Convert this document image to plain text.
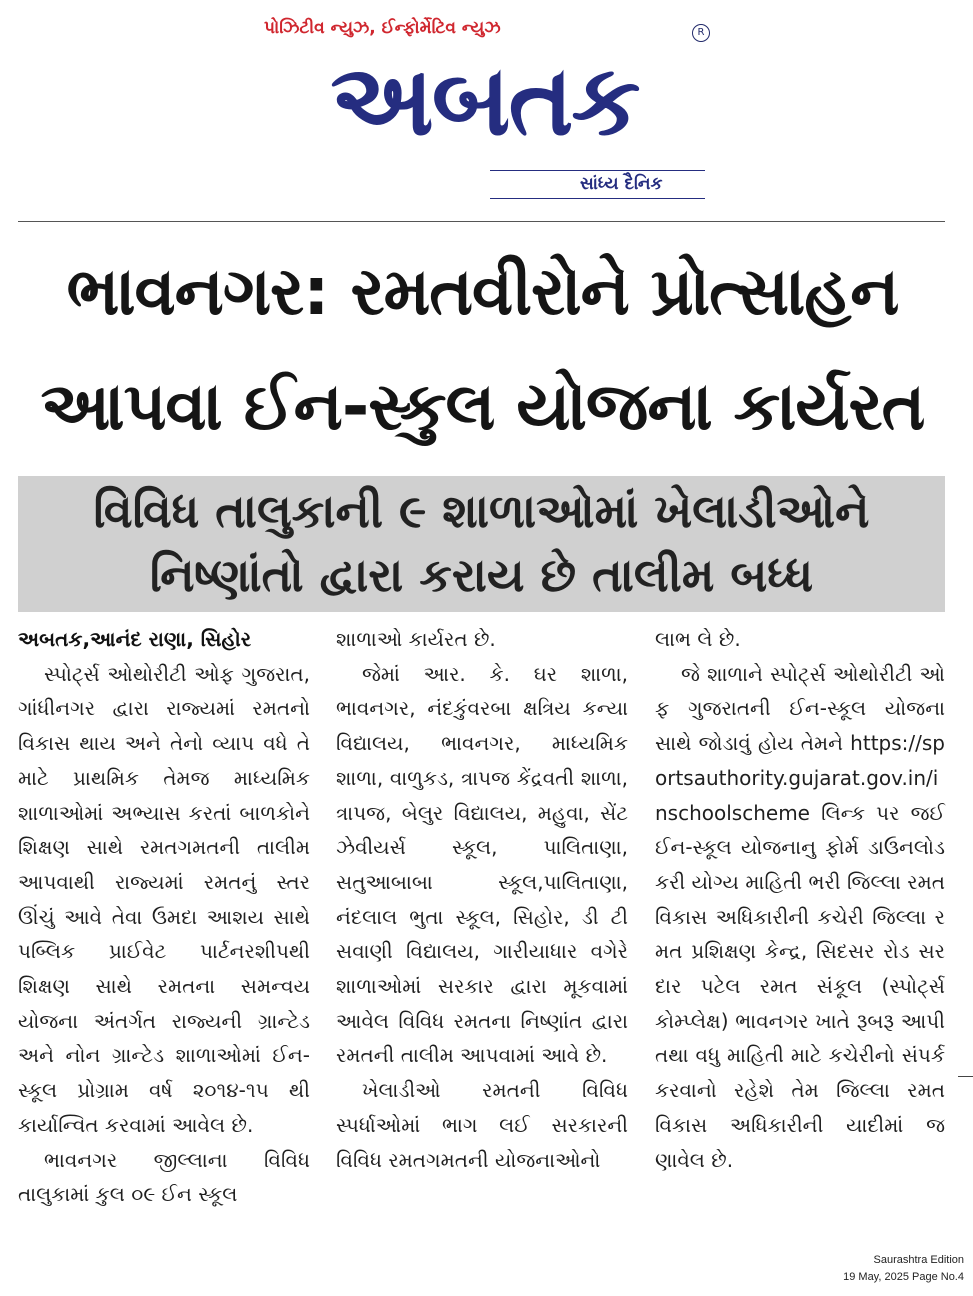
પોઝિટીવ ન્યુઝ, ઈન્ફોર્મેટિવ ન્યુઝ	R
અબતક
સાંધ્ય દૈનિક
ભાવનગર: રમતવીરોને પ્રોત્સાહન
આપવા ઈન-સ્કુલ યોજના કાર્યરત
વિવિધ તાલુકાની ૯ શાળાઓમાં ખેલાડીઓને
નિષ્ણાંતો દ્વારા કરાય છે તાલીમ બધ્ધ

અબતક,આનંદ રાણા, સિહોર

સ્પોર્ટ્સ ઓથોરીટી ઓફ ગુજરાત, ગાંધીનગર દ્વારા રાજ્યમાં રમતનો વિકાસ થાય અને તેનો વ્યાપ વધે તે માટે પ્રાથમિક તેમજ માધ્યમિક શાળાઓમાં અભ્યાસ કરતાં બાળકોને શિક્ષણ સાથે રમતગમતની તાલીમ આપવાથી રાજ્યમાં રમતનું સ્તર ઊંચું આવે તેવા ઉમદા આશય સાથે પબ્લિક પ્રાઈવેટ પાર્ટનરશીપથી શિક્ષણ સાથે રમતના સમન્વય યોજના અંતર્ગત રાજ્યની ગ્રાન્ટેડ અને નોન ગ્રાન્ટેડ શાળાઓમાં ઈન-સ્કૂલ પ્રોગ્રામ વર્ષ ૨૦૧૪-૧૫ થી કાર્યાન્વિત કરવામાં આવેલ છે.

ભાવનગર જીલ્લાના વિવિધ તાલુકામાં કુલ ૦૯ ઈન સ્કૂલ

શાળાઓ કાર્યરત છે.

જેમાં આર. કે. ઘર શાળા, ભાવનગર, નંદકુંવરબા ક્ષત્રિય કન્યા વિદ્યાલય, ભાવનગર, માધ્યમિક શાળા, વાળુકડ, ત્રાપજ કેંદ્રવતી શાળા, ત્રાપજ, બેલુર વિદ્યાલય, મહુવા, સેંટ ઝેવીયર્સ સ્કૂલ, પાલિતાણા, સતુઆબાબા સ્કૂલ,પાલિતાણા, નંદલાલ ભુતા સ્કૂલ, સિહોર, ડી ટી સવાણી વિદ્યાલય, ગારીયાધાર વગેરે શાળાઓમાં સરકાર દ્વારા મૂકવામાં આવેલ વિવિધ રમતના નિષ્ણાંત દ્વારા રમતની તાલીમ આપવામાં આવે છે.

ખેલાડીઓ રમતની વિવિધ સ્પર્ધાઓમાં ભાગ લઈ સરકારની વિવિધ રમતગમતની યોજનાઓનો

લાભ લે છે.

જે શાળાને સ્પોર્ટ્સ ઓથોરીટી ઓફ ગુજરાતની ઈન-સ્કૂલ યોજના સાથે જોડાવું હોય તેમને https://sportsauthority.gujarat.gov.in/inschoolscheme લિન્ક પર જઈ ઈન-સ્કૂલ યોજનાનુ ફોર્મ ડાઉનલોડ કરી યોગ્ય માહિતી ભરી જિલ્લા રમત વિકાસ અધિકારીની કચેરી જિલ્લા રમત પ્રશિક્ષણ કેન્દ્ર, સિદસર રોડ સરદાર પટેલ રમત સંકૂલ (સ્પોર્ટ્સ કોમ્પ્લેક્ષ) ભાવનગર ખાતે રૂબરૂ આપી તથા વધુ માહિતી માટે કચેરીનો સંપર્ક કરવાનો રહેશે તેમ જિલ્લા રમત વિકાસ અધિકારીની યાદીમાં જણાવેલ છે.

Saurashtra Edition
19 May, 2025 Page No.4
